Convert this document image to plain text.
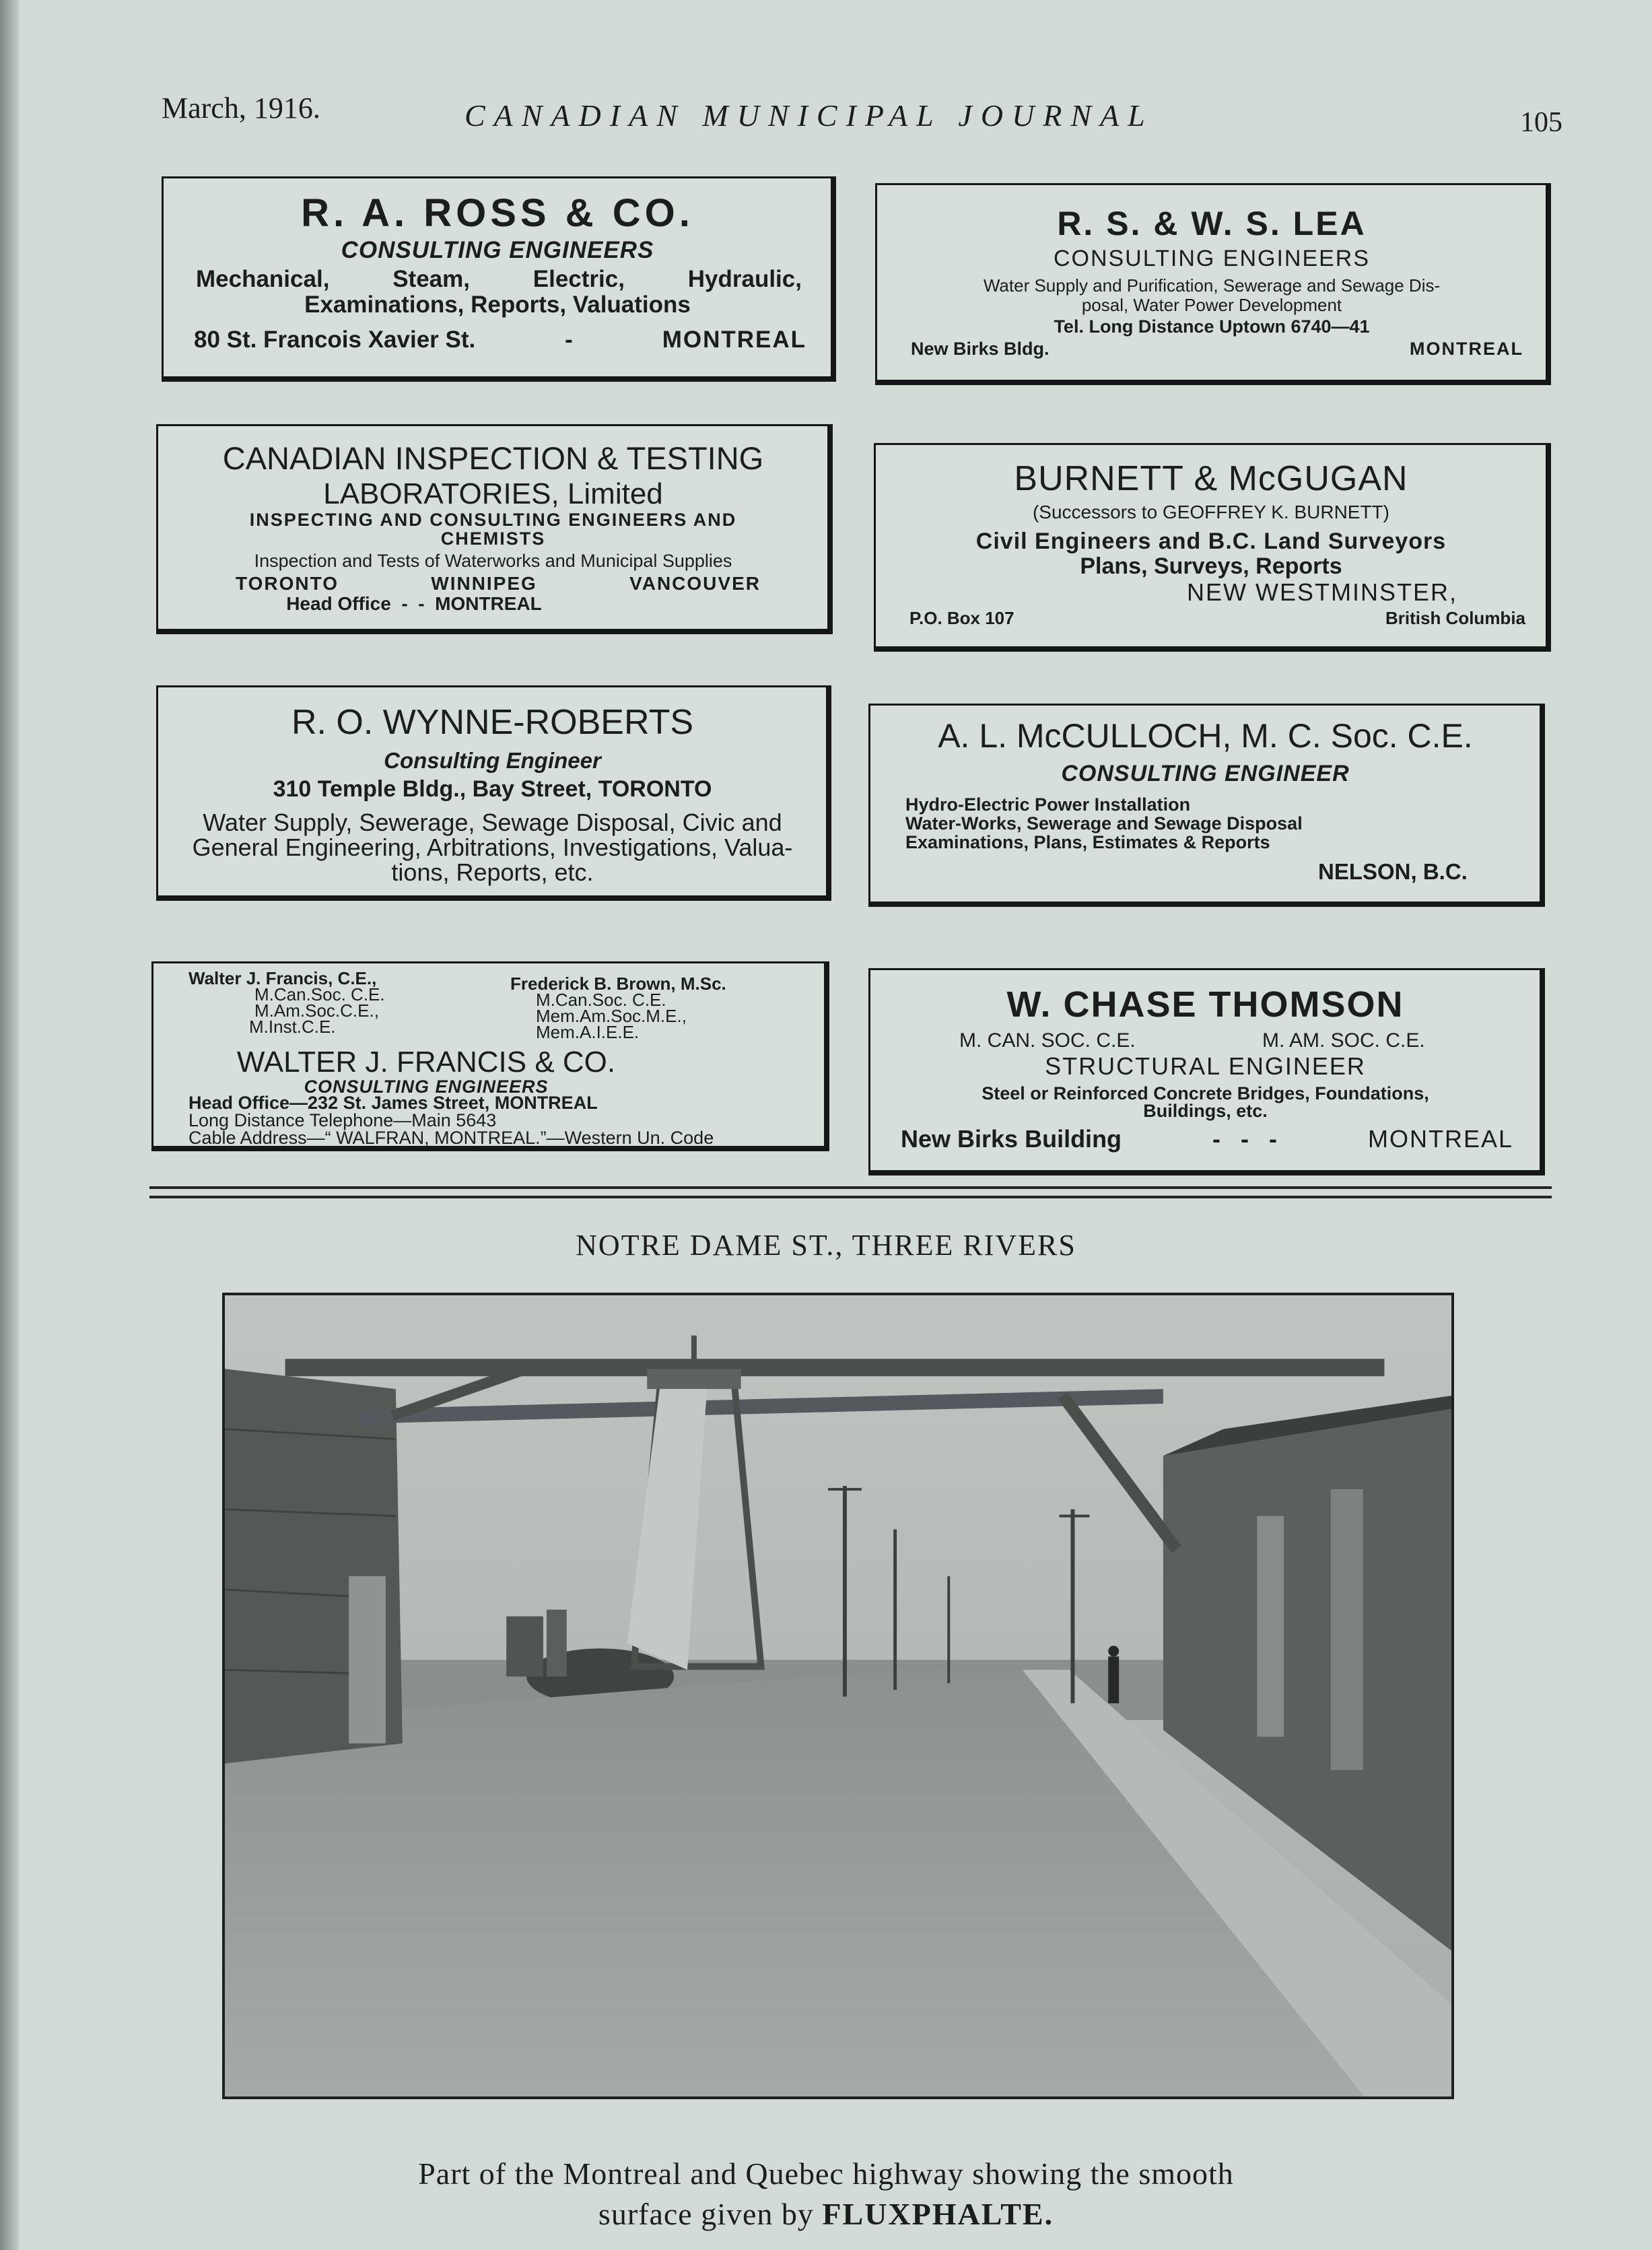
March, 1916.	CANADIAN MUNICIPAL JOURNAL	105
R. A. ROSS & CO.
CONSULTING ENGINEERS
Mechanical,	Steam,	Electric,	Hydraulic,
Examinations, Reports, Valuations
80 St. Francois Xavier St.	-	MONTREAL
R. S. & W. S. LEA
CONSULTING ENGINEERS
Water Supply and Purification, Sewerage and Sewage Dis-
posal, Water Power Development
Tel. Long Distance Uptown 6740—41
New Birks Bldg.	MONTREAL
CANADIAN INSPECTION & TESTING
LABORATORIES, Limited
INSPECTING AND CONSULTING ENGINEERS AND
CHEMISTS
Inspection and Tests of Waterworks and Municipal Supplies
TORONTO	WINNIPEG	VANCOUVER
Head Office  -  -  MONTREAL
BURNETT & McGUGAN
(Successors to GEOFFREY K. BURNETT)
Civil Engineers and B.C. Land Surveyors
Plans, Surveys, Reports
NEW WESTMINSTER,
P.O. Box 107	British Columbia
R. O. WYNNE-ROBERTS
Consulting Engineer
310 Temple Bldg., Bay Street, TORONTO
Water Supply, Sewerage, Sewage Disposal, Civic and
General Engineering, Arbitrations, Investigations, Valua-
tions, Reports, etc.
A. L. McCULLOCH, M. C. Soc. C.E.
CONSULTING ENGINEER
Hydro-Electric Power Installation
Water-Works, Sewerage and Sewage Disposal
Examinations, Plans, Estimates & Reports
NELSON, B.C.
Walter J. Francis, C.E.,
M.Can.Soc. C.E.
M.Am.Soc.C.E.,
M.Inst.C.E.
Frederick B. Brown, M.Sc.
M.Can.Soc. C.E.
Mem.Am.Soc.M.E.,
Mem.A.I.E.E.
WALTER J. FRANCIS & CO.
CONSULTING ENGINEERS
Head Office—232 St. James Street, MONTREAL
Long Distance Telephone—Main 5643
Cable Address—“ WALFRAN, MONTREAL.”—Western Un. Code
W. CHASE THOMSON
M. CAN. SOC. C.E.	M. AM. SOC. C.E.
STRUCTURAL ENGINEER
Steel or Reinforced Concrete Bridges, Foundations,
Buildings, etc.
New Birks Building	-   -   -	MONTREAL
NOTRE DAME ST., THREE RIVERS
Part of the Montreal and Quebec highway showing the smooth
surface given by FLUXPHALTE.
